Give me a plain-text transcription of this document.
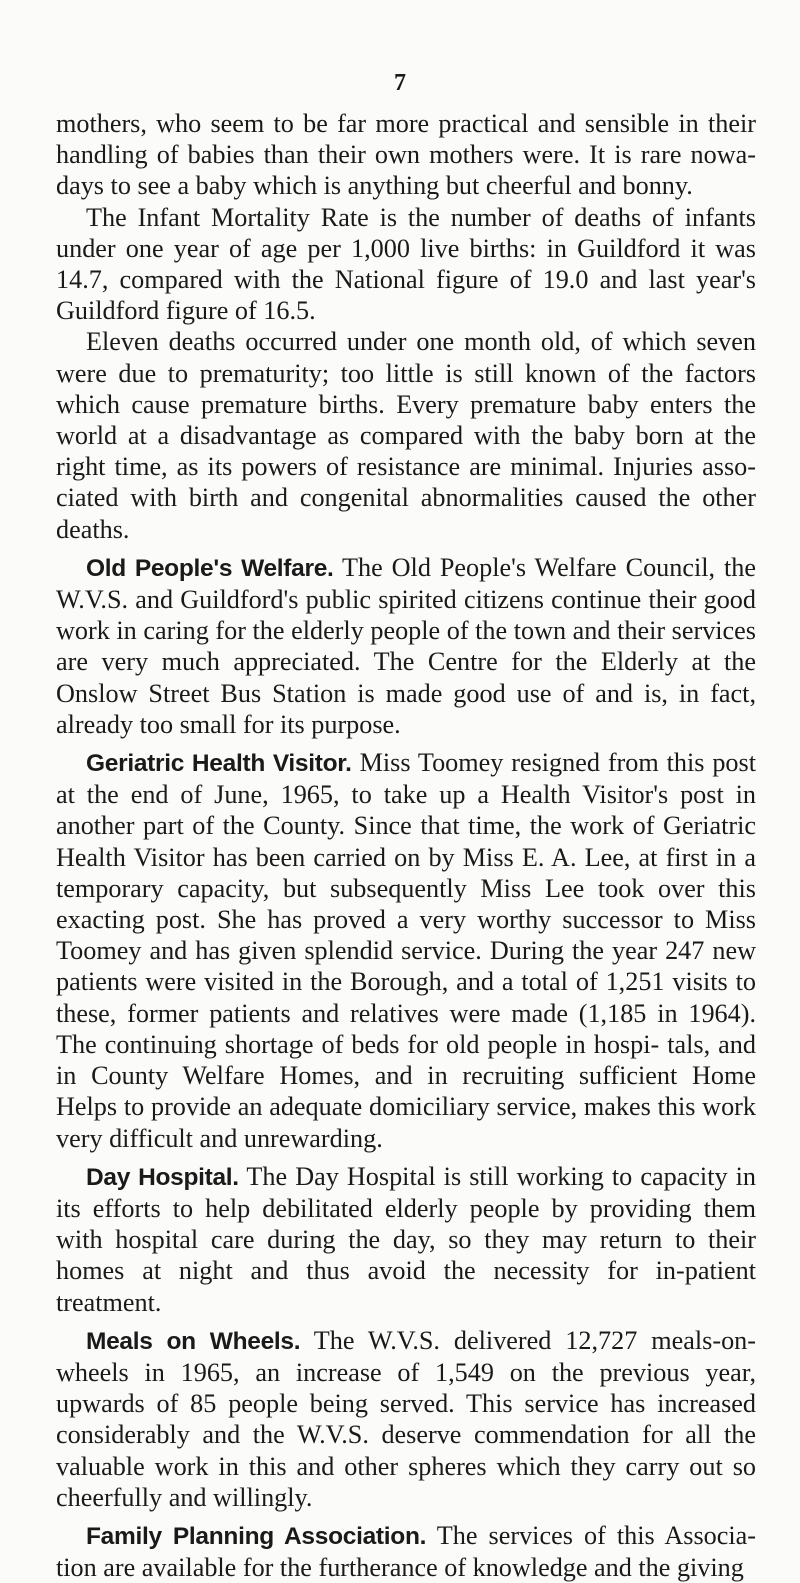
7

mothers, who seem to be far more practical and sensible in their handling of babies than their own mothers were. It is rare nowa- days to see a baby which is anything but cheerful and bonny.

The Infant Mortality Rate is the number of deaths of infants under one year of age per 1,000 live births: in Guildford it was 14.7, compared with the National figure of 19.0 and last year's Guildford figure of 16.5.

Eleven deaths occurred under one month old, of which seven were due to prematurity; too little is still known of the factors which cause premature births. Every premature baby enters the world at a disadvantage as compared with the baby born at the right time, as its powers of resistance are minimal. Injuries asso- ciated with birth and congenital abnormalities caused the other deaths.

Old People's Welfare. The Old People's Welfare Council, the W.V.S. and Guildford's public spirited citizens continue their good work in caring for the elderly people of the town and their services are very much appreciated. The Centre for the Elderly at the Onslow Street Bus Station is made good use of and is, in fact, already too small for its purpose.

Geriatric Health Visitor. Miss Toomey resigned from this post at the end of June, 1965, to take up a Health Visitor's post in another part of the County. Since that time, the work of Geriatric Health Visitor has been carried on by Miss E. A. Lee, at first in a temporary capacity, but subsequently Miss Lee took over this exacting post. She has proved a very worthy successor to Miss Toomey and has given splendid service. During the year 247 new patients were visited in the Borough, and a total of 1,251 visits to these, former patients and relatives were made (1,185 in 1964). The continuing shortage of beds for old people in hospi- tals, and in County Welfare Homes, and in recruiting sufficient Home Helps to provide an adequate domiciliary service, makes this work very difficult and unrewarding.

Day Hospital. The Day Hospital is still working to capacity in its efforts to help debilitated elderly people by providing them with hospital care during the day, so they may return to their homes at night and thus avoid the necessity for in-patient treatment.

Meals on Wheels. The W.V.S. delivered 12,727 meals-on- wheels in 1965, an increase of 1,549 on the previous year, upwards of 85 people being served. This service has increased considerably and the W.V.S. deserve commendation for all the valuable work in this and other spheres which they carry out so cheerfully and willingly.

Family Planning Association. The services of this Associa- tion are available for the furtherance of knowledge and the giving
